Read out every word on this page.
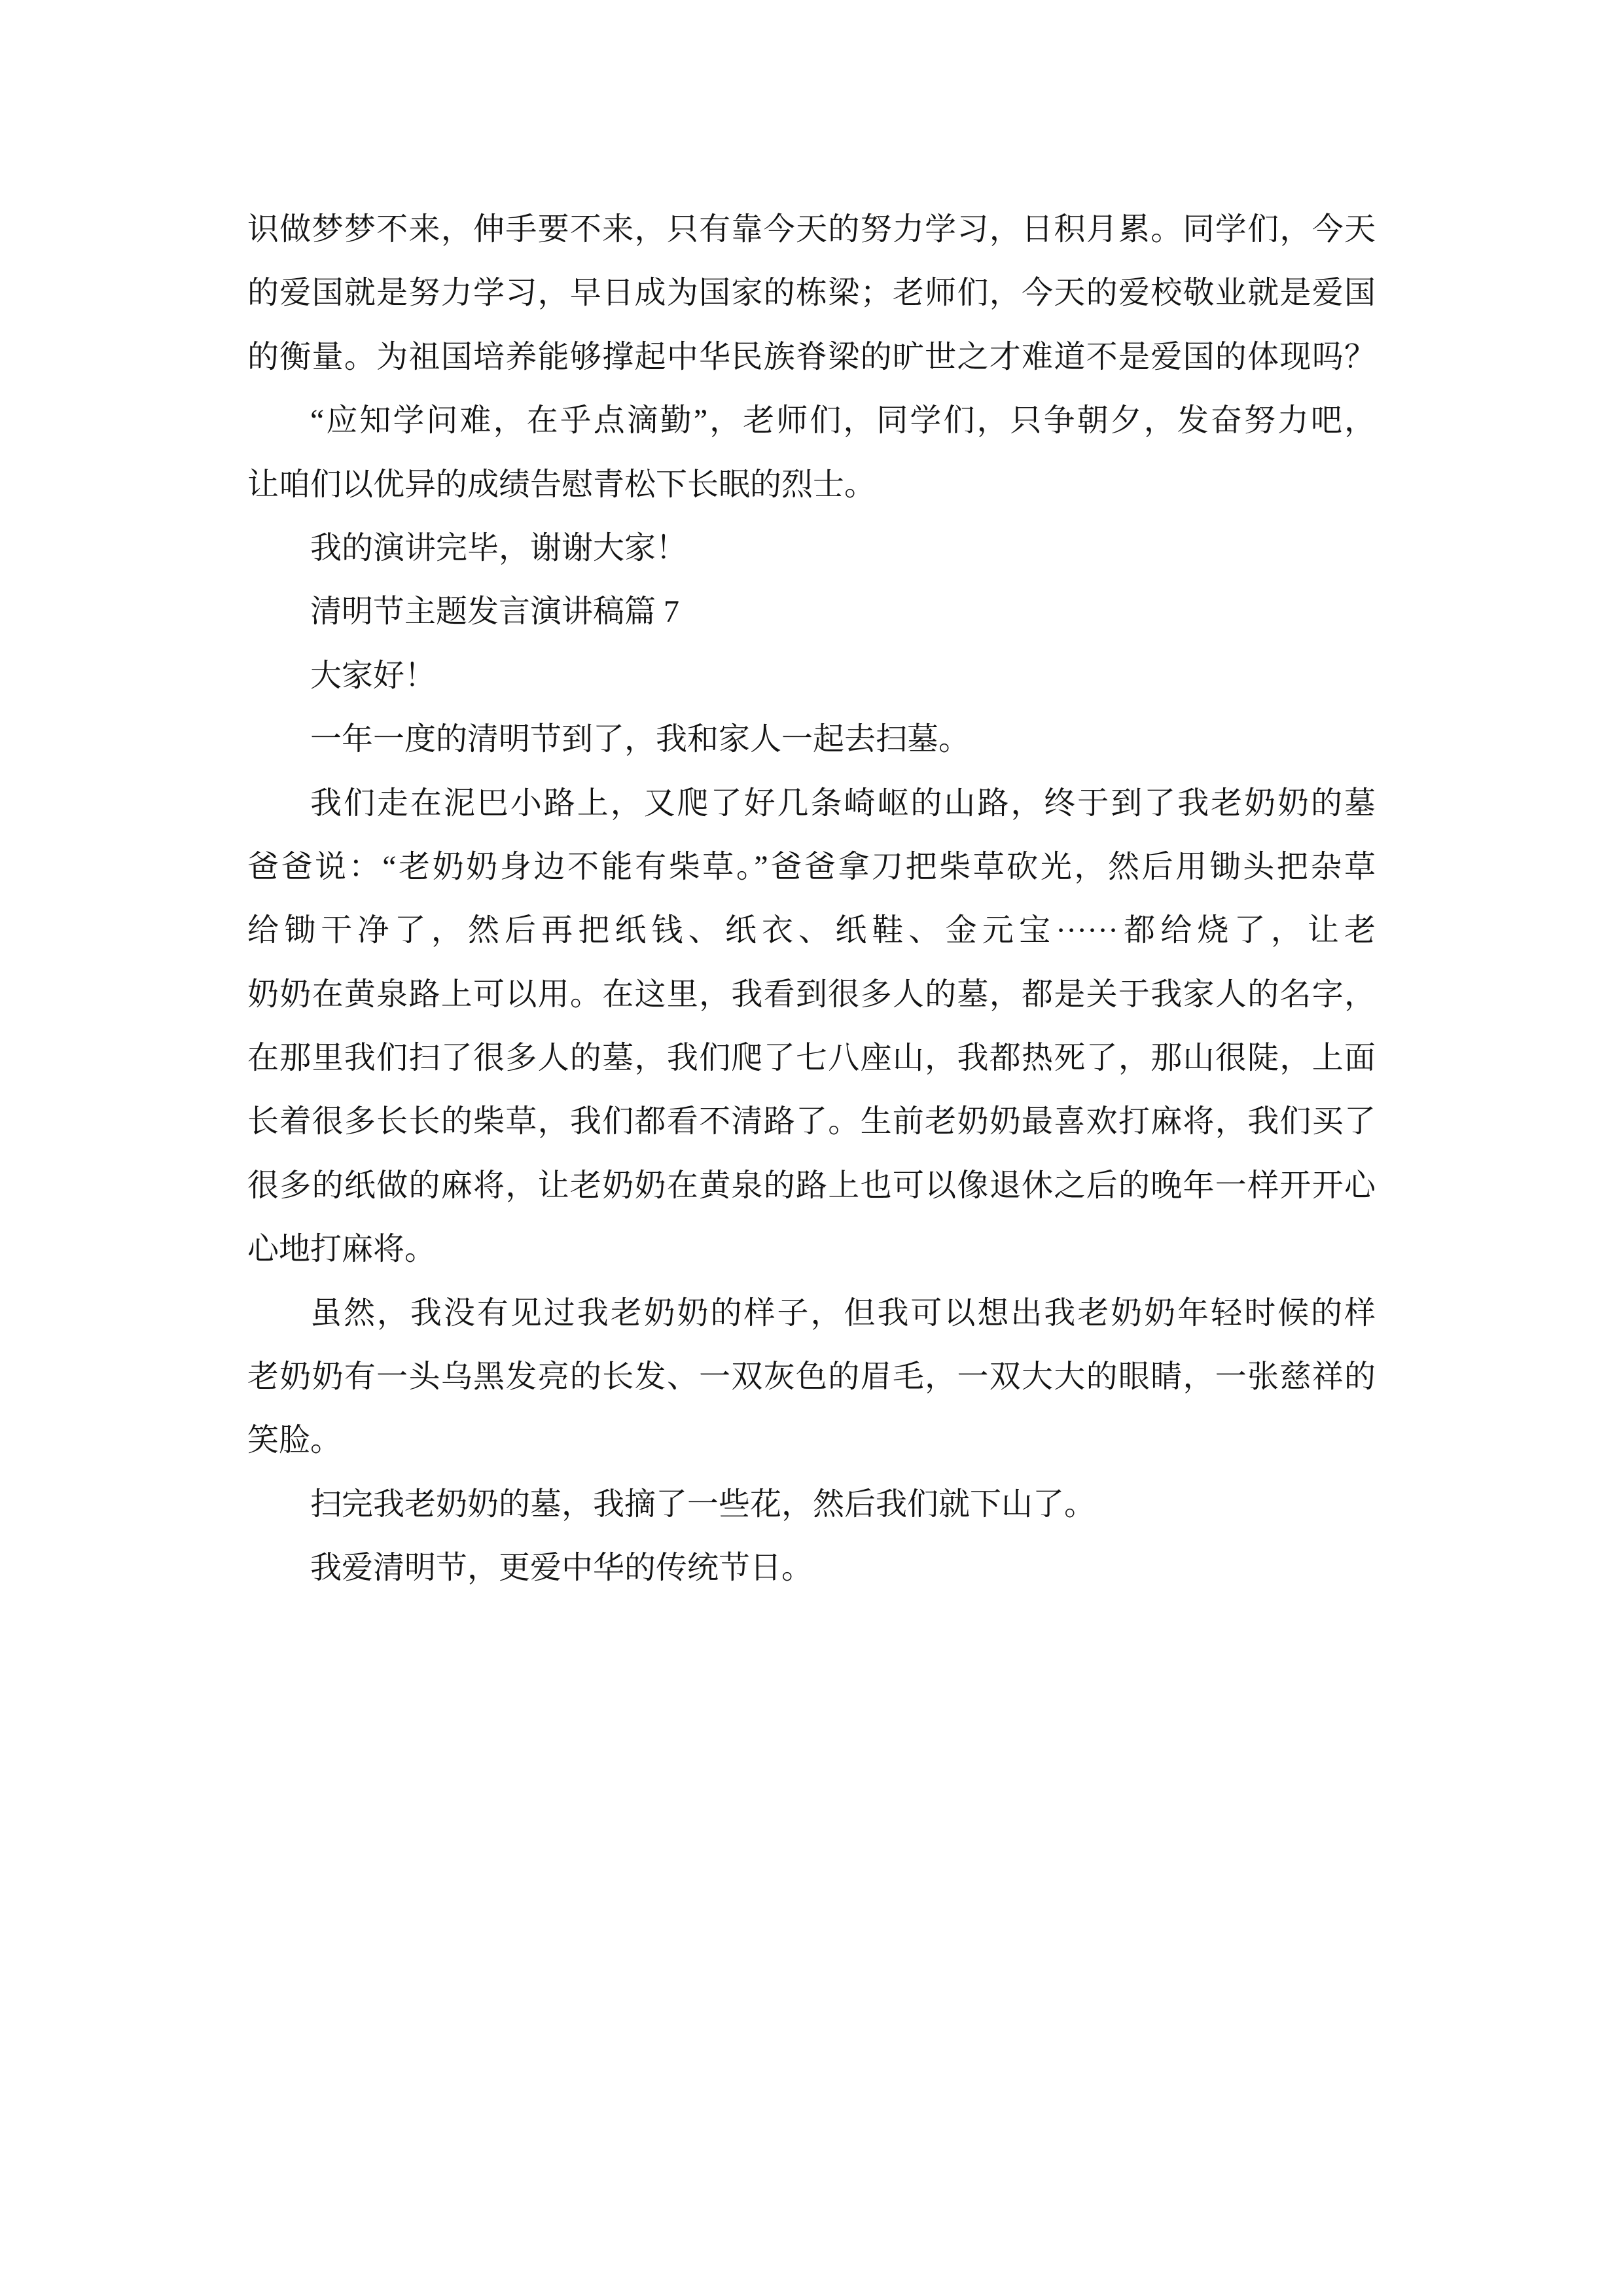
识做梦梦不来，伸手要不来，只有靠今天的努力学习，日积月累。同学们，今天
的爱国就是努力学习，早日成为国家的栋梁；老师们，今天的爱校敬业就是爱国
的衡量。为祖国培养能够撑起中华民族脊梁的旷世之才难道不是爱国的体现吗？
“应知学问难，在乎点滴勤”，老师们，同学们，只争朝夕，发奋努力吧，
让咱们以优异的成绩告慰青松下长眠的烈士。
我的演讲完毕，谢谢大家！
清明节主题发言演讲稿篇 7
大家好！
一年一度的清明节到了，我和家人一起去扫墓。
我们走在泥巴小路上，又爬了好几条崎岖的山路，终于到了我老奶奶的墓
爸爸说：“老奶奶身边不能有柴草。”爸爸拿刀把柴草砍光，然后用锄头把杂草
给锄干净了，然后再把纸钱、纸衣、纸鞋、金元宝······都给烧了，让老
奶奶在黄泉路上可以用。在这里，我看到很多人的墓，都是关于我家人的名字，
在那里我们扫了很多人的墓，我们爬了七八座山，我都热死了，那山很陡，上面
长着很多长长的柴草，我们都看不清路了。生前老奶奶最喜欢打麻将，我们买了
很多的纸做的麻将，让老奶奶在黄泉的路上也可以像退休之后的晚年一样开开心
心地打麻将。
虽然，我没有见过我老奶奶的样子，但我可以想出我老奶奶年轻时候的样
老奶奶有一头乌黑发亮的长发、一双灰色的眉毛，一双大大的眼睛，一张慈祥的
笑脸。
扫完我老奶奶的墓，我摘了一些花，然后我们就下山了。
我爱清明节，更爱中华的传统节日。
